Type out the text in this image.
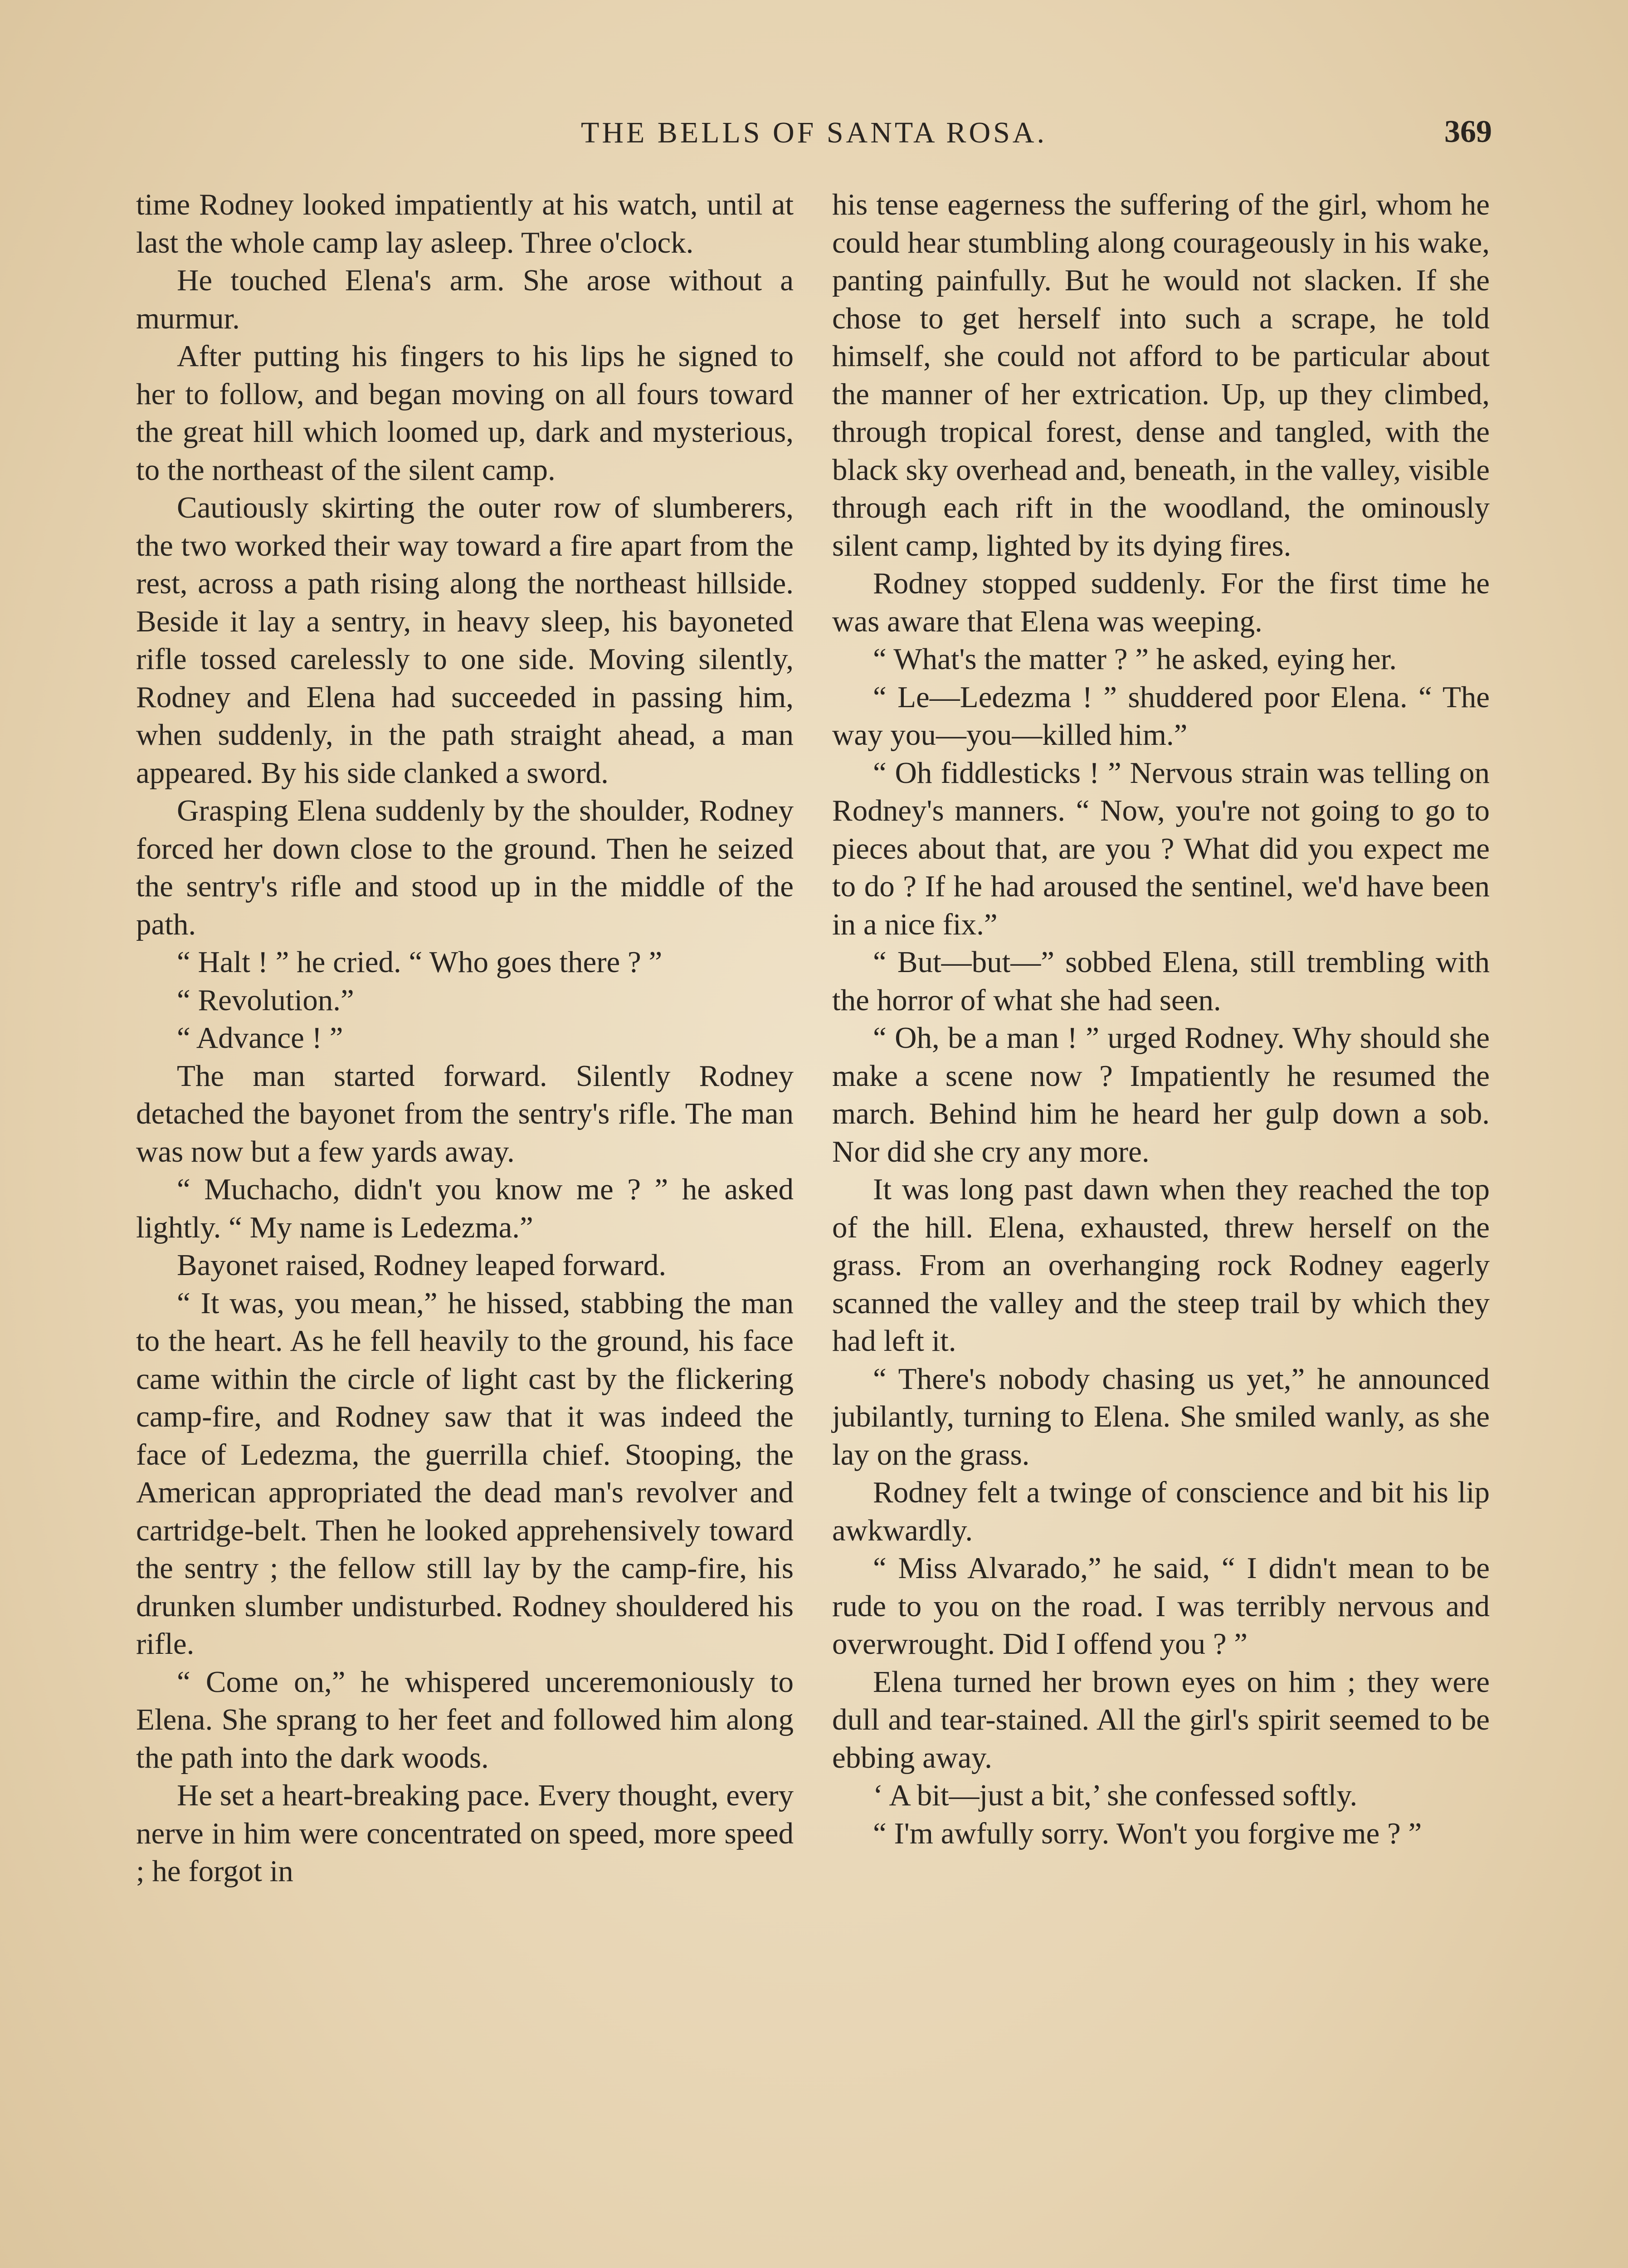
THE BELLS OF SANTA ROSA.	369

time Rodney looked impatiently at his watch, until at last the whole camp lay asleep. Three o'clock.

He touched Elena's arm. She arose without a murmur.

After putting his fingers to his lips he signed to her to follow, and began moving on all fours toward the great hill which loomed up, dark and mysterious, to the northeast of the silent camp.

Cautiously skirting the outer row of slumberers, the two worked their way toward a fire apart from the rest, across a path rising along the northeast hillside. Beside it lay a sentry, in heavy sleep, his bayoneted rifle tossed carelessly to one side. Moving silently, Rodney and Elena had succeeded in passing him, when suddenly, in the path straight ahead, a man appeared. By his side clanked a sword.

Grasping Elena suddenly by the shoulder, Rodney forced her down close to the ground. Then he seized the sentry's rifle and stood up in the middle of the path.

“ Halt ! ” he cried. “ Who goes there ? ”

“ Revolution.”

“ Advance ! ”

The man started forward. Silently Rodney detached the bayonet from the sentry's rifle. The man was now but a few yards away.

“ Muchacho, didn't you know me ? ” he asked lightly. “ My name is Ledezma.”

Bayonet raised, Rodney leaped forward.

“ It was, you mean,” he hissed, stabbing the man to the heart. As he fell heavily to the ground, his face came within the circle of light cast by the flickering camp-fire, and Rodney saw that it was indeed the face of Ledezma, the guerrilla chief. Stooping, the American appropriated the dead man's revolver and cartridge-belt. Then he looked apprehensively toward the sentry ; the fellow still lay by the camp-fire, his drunken slumber undisturbed. Rodney shouldered his rifle.

“ Come on,” he whispered unceremoniously to Elena. She sprang to her feet and followed him along the path into the dark woods.

He set a heart-breaking pace. Every thought, every nerve in him were concentrated on speed, more speed ; he forgot in

his tense eagerness the suffering of the girl, whom he could hear stumbling along courageously in his wake, panting painfully. But he would not slacken. If she chose to get herself into such a scrape, he told himself, she could not afford to be particular about the manner of her extrication. Up, up they climbed, through tropical forest, dense and tangled, with the black sky overhead and, beneath, in the valley, visible through each rift in the woodland, the ominously silent camp, lighted by its dying fires.

Rodney stopped suddenly. For the first time he was aware that Elena was weeping.

“ What's the matter ? ” he asked, eying her.

“ Le—Ledezma ! ” shuddered poor Elena. “ The way you—you—killed him.”

“ Oh fiddlesticks ! ” Nervous strain was telling on Rodney's manners. “ Now, you're not going to go to pieces about that, are you ? What did you expect me to do ? If he had aroused the sentinel, we'd have been in a nice fix.”

“ But—but—” sobbed Elena, still trembling with the horror of what she had seen.

“ Oh, be a man ! ” urged Rodney. Why should she make a scene now ? Impatiently he resumed the march. Behind him he heard her gulp down a sob. Nor did she cry any more.

It was long past dawn when they reached the top of the hill. Elena, exhausted, threw herself on the grass. From an overhanging rock Rodney eagerly scanned the valley and the steep trail by which they had left it.

“ There's nobody chasing us yet,” he announced jubilantly, turning to Elena. She smiled wanly, as she lay on the grass.

Rodney felt a twinge of conscience and bit his lip awkwardly.

“ Miss Alvarado,” he said, “ I didn't mean to be rude to you on the road. I was terribly nervous and overwrought. Did I offend you ? ”

Elena turned her brown eyes on him ; they were dull and tear-stained. All the girl's spirit seemed to be ebbing away.

‘ A bit—just a bit,’ she confessed softly.

“ I'm awfully sorry. Won't you forgive me ? ”
